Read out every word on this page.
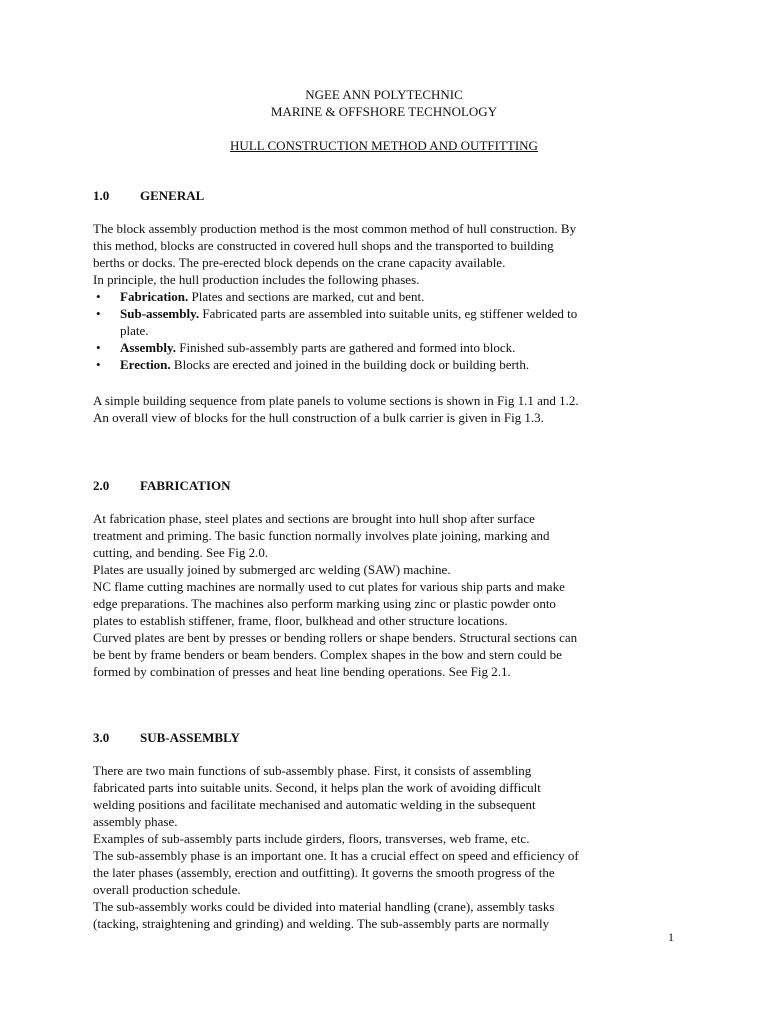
NGEE ANN POLYTECHNIC
MARINE & OFFSHORE TECHNOLOGY
HULL CONSTRUCTION METHOD AND OUTFITTING
1.0 GENERAL
The block assembly production method is the most common method of hull construction. By
this method, blocks are constructed in covered hull shops and the transported to building
berths or docks. The pre-erected block depends on the crane capacity available.
In principle, the hull production includes the following phases.
• Fabrication. Plates and sections are marked, cut and bent.
• Sub-assembly. Fabricated parts are assembled into suitable units, eg stiffener welded to
plate.
• Assembly. Finished sub-assembly parts are gathered and formed into block.
• Erection. Blocks are erected and joined in the building dock or building berth.
A simple building sequence from plate panels to volume sections is shown in Fig 1.1 and 1.2.
An overall view of blocks for the hull construction of a bulk carrier is given in Fig 1.3.
2.0 FABRICATION
At fabrication phase, steel plates and sections are brought into hull shop after surface
treatment and priming. The basic function normally involves plate joining, marking and
cutting, and bending. See Fig 2.0.
Plates are usually joined by submerged arc welding (SAW) machine.
NC flame cutting machines are normally used to cut plates for various ship parts and make
edge preparations. The machines also perform marking using zinc or plastic powder onto
plates to establish stiffener, frame, floor, bulkhead and other structure locations.
Curved plates are bent by presses or bending rollers or shape benders. Structural sections can
be bent by frame benders or beam benders. Complex shapes in the bow and stern could be
formed by combination of presses and heat line bending operations. See Fig 2.1.
3.0 SUB-ASSEMBLY
There are two main functions of sub-assembly phase. First, it consists of assembling
fabricated parts into suitable units. Second, it helps plan the work of avoiding difficult
welding positions and facilitate mechanised and automatic welding in the subsequent
assembly phase.
Examples of sub-assembly parts include girders, floors, transverses, web frame, etc.
The sub-assembly phase is an important one. It has a crucial effect on speed and efficiency of
the later phases (assembly, erection and outfitting). It governs the smooth progress of the
overall production schedule.
The sub-assembly works could be divided into material handling (crane), assembly tasks
(tacking, straightening and grinding) and welding. The sub-assembly parts are normally
1
